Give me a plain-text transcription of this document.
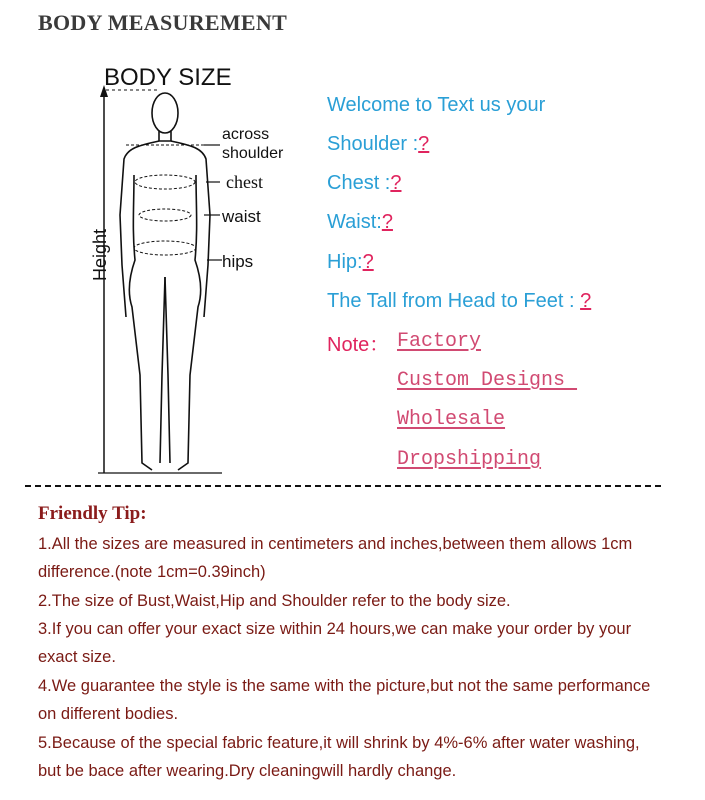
BODY MEASUREMENT
BODY SIZE
Height
across
shoulder
chest
waist
hips
Welcome to Text us your
Shoulder :?
Chest :?
Waist:?
Hip:?
The Tall from Head to Feet : ?
Note： Factory
Custom Designs
Wholesale
Dropshipping
Friendly Tip:
1.All the sizes are measured in centimeters and inches,between them allows 1cm
difference.(note 1cm=0.39inch)
2.The size of Bust,Waist,Hip and Shoulder refer to the body size.
3.If you can offer your exact size within 24 hours,we can make your order by your
exact size.
4.We guarantee the style is the same with the picture,but not the same performance
on different bodies.
5.Because of the special fabric feature,it will shrink by 4%-6% after water washing,
but be bace after wearing.Dry cleaningwill hardly change.
